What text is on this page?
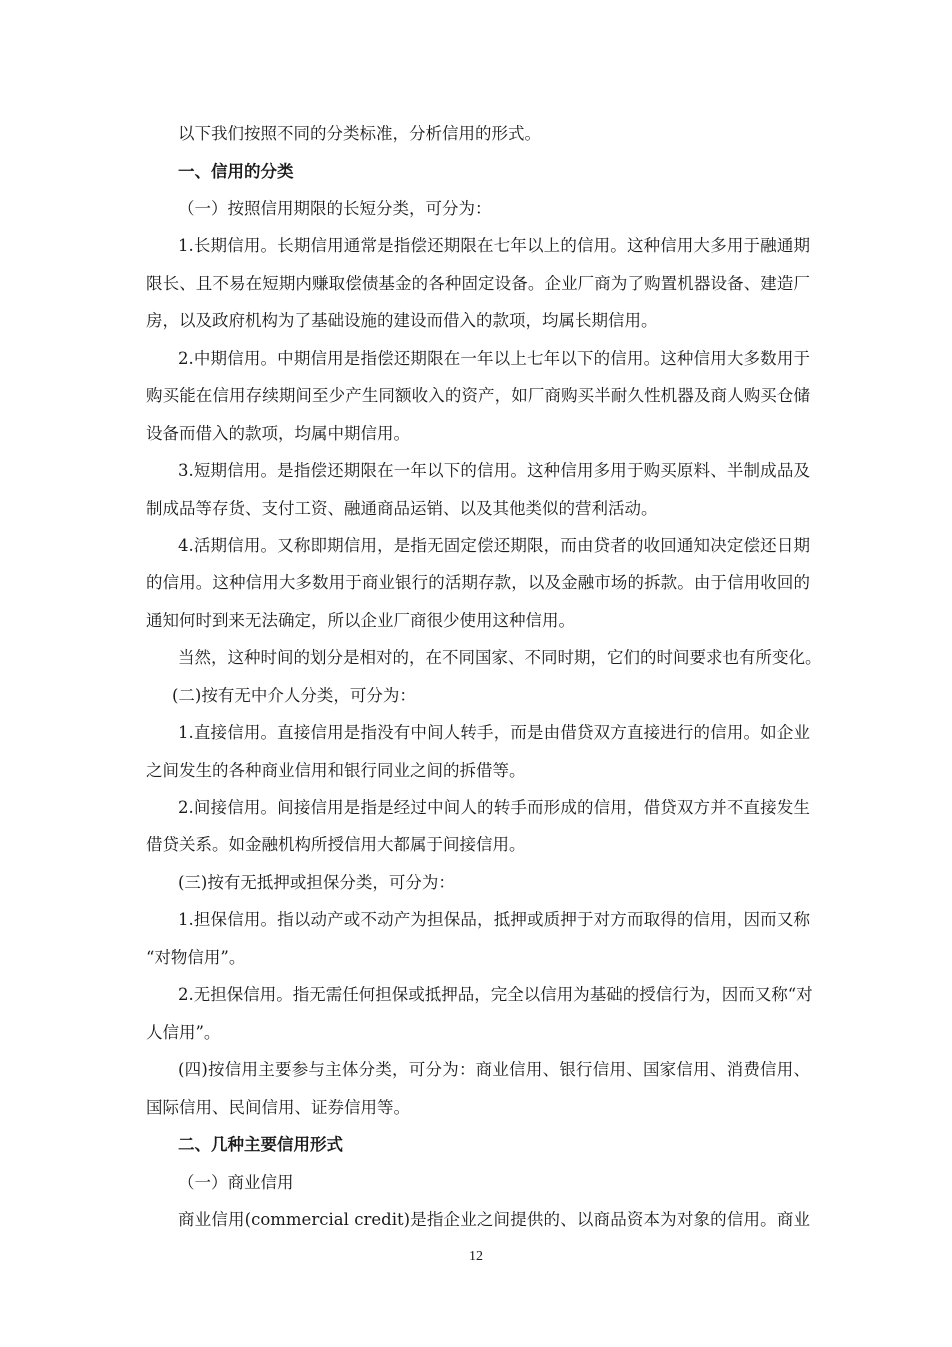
以下我们按照不同的分类标准，分析信用的形式。
一、信用的分类
（一）按照信用期限的长短分类，可分为：
1.长期信用。长期信用通常是指偿还期限在七年以上的信用。这种信用大多用于融通期
限长、且不易在短期内赚取偿债基金的各种固定设备。企业厂商为了购置机器设备、建造厂
房，以及政府机构为了基础设施的建设而借入的款项，均属长期信用。
2.中期信用。中期信用是指偿还期限在一年以上七年以下的信用。这种信用大多数用于
购买能在信用存续期间至少产生同额收入的资产，如厂商购买半耐久性机器及商人购买仓储
设备而借入的款项，均属中期信用。
3.短期信用。是指偿还期限在一年以下的信用。这种信用多用于购买原料、半制成品及
制成品等存货、支付工资、融通商品运销、以及其他类似的营利活动。
4.活期信用。又称即期信用，是指无固定偿还期限，而由贷者的收回通知决定偿还日期
的信用。这种信用大多数用于商业银行的活期存款，以及金融市场的拆款。由于信用收回的
通知何时到来无法确定，所以企业厂商很少使用这种信用。
当然，这种时间的划分是相对的，在不同国家、不同时期，它们的时间要求也有所变化。
(二)按有无中介人分类，可分为：
1.直接信用。直接信用是指没有中间人转手，而是由借贷双方直接进行的信用。如企业
之间发生的各种商业信用和银行同业之间的拆借等。
2.间接信用。间接信用是指是经过中间人的转手而形成的信用，借贷双方并不直接发生
借贷关系。如金融机构所授信用大都属于间接信用。
(三)按有无抵押或担保分类，可分为：
1.担保信用。指以动产或不动产为担保品，抵押或质押于对方而取得的信用，因而又称
“对物信用”。
2.无担保信用。指无需任何担保或抵押品，完全以信用为基础的授信行为，因而又称“对
人信用”。
(四)按信用主要参与主体分类，可分为：商业信用、银行信用、国家信用、消费信用、
国际信用、民间信用、证券信用等。
二、几种主要信用形式
（一）商业信用
商业信用(commercial credit)是指企业之间提供的、以商品资本为对象的信用。商业
12
